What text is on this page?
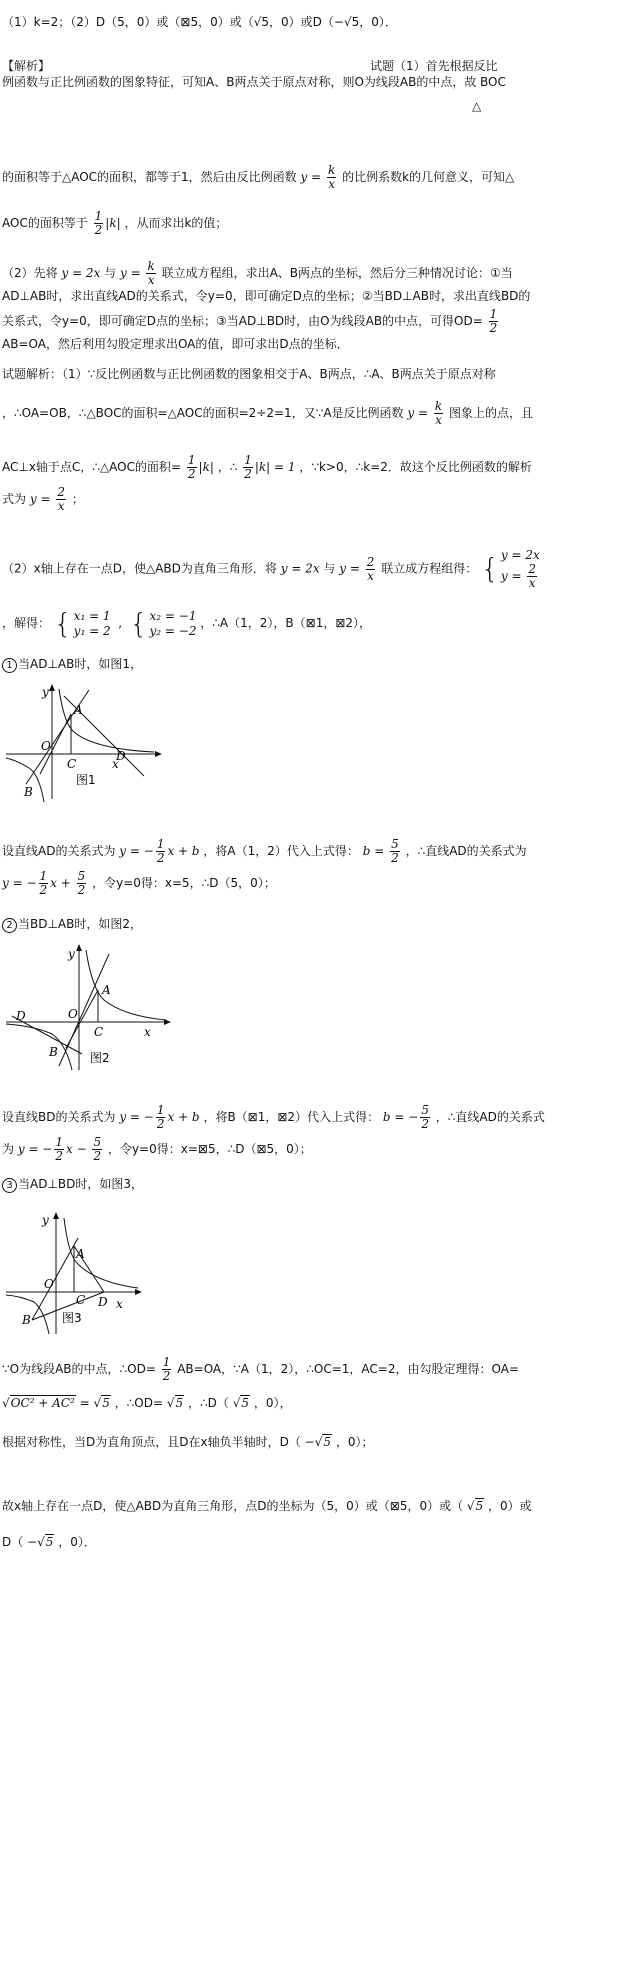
（1）k=2；（2）D（5，0）或（⊠5，0）或（√5，0）或D（−√5，0）．
【解析】	试题（1）首先根据反比
例函数与正比例函数的图象特征，可知A、B两点关于原点对称，则O为线段AB的中点，故 BOC
△
的面积等于△AOC的面积，都等于1，然后由反比例函数 $y = \frac{k}{x}$ 的比例系数k的几何意义，可知△
AOC的面积等于 $\frac{1}{2} |k|$ ，从而求出k的值；
（2）先将 y = 2x 与 $y = \frac{k}{x}$ 联立成方程组，求出A、B两点的坐标，然后分三种情况讨论：①当
AD⊥AB时，求出直线AD的关系式，令y=0，即可确定D点的坐标；②当BD⊥AB时，求出直线BD的
关系式，令y=0，即可确定D点的坐标；③当AD⊥BD时，由O为线段AB的中点，可得$OD= \frac{1}{2}$
AB=OA，然后利用勾股定理求出OA的值，即可求出D点的坐标．
试题解析：（1）∵反比例函数与正比例函数的图象相交于A、B两点，∴A、B两点关于原点对称
，∴OA=OB，∴△BOC的面积=△AOC的面积=2÷2=1，又∵A是反比例函数 $y = \frac{k}{x}$ 图象上的点，且
AC⊥x轴于点C，∴△AOC的面积= $\frac{1}{2} |k|$ ，∴ $\frac{1}{2} |k| = 1$ ，∵k>0，∴k=2．故这个反比例函数的解析
式为 $y = \frac{2}{x}$ ；
（2）x轴上存在一点D，使△ABD为直角三角形．将 y = 2x 与 $y = \frac{2}{x}$ 联立成方程组得： { y = 2x
$y = \frac{2}{x}$
，解得： { x₁ = 1
y₁ = 2
,  { x₂ = −1
y₂ = −2
，∴A（1，2），B（⊠1，⊠2），
1 当AD⊥AB时，如图1，
y
x
O
A
C
D
B
图1
设直线AD的关系式为 y = − $\frac{1}{2}$ x + b ，将A（1，2）代入上式得： $b = \frac{5}{2}$ ，∴直线AD的关系式为
y = − $\frac{1}{2}$ $x + \frac{5}{2}$ ，令y=0得：x=5，∴D（5，0）；
2 当BD⊥AB时，如图2，
y
x
O
A
C
D
B	图2
设直线BD的关系式为 y = − $\frac{1}{2}$ x + b ，将B（⊠1，⊠2）代入上式得： b = − $\frac{5}{2}$ ，∴直线AD的关系式
为 y = − $\frac{1}{2}$ $x - \frac{5}{2}$ ，令y=0得：x=⊠5，∴D（⊠5，0）；
3 当AD⊥BD时，如图3，
y
x
O
A
C D
B	图3
∵O为线段AB的中点，∴OD= $\frac{1}{2} AB=OA$，∵A（1，2），∴OC=1，AC=2，由勾股定理得：OA=
√OC² + AC² = √5 ，∴OD= √5 ，∴D（ √5 ，0），
根据对称性，当D为直角顶点，且D在x轴负半轴时，D（ −√5 ，0）；
故x轴上存在一点D，使△ABD为直角三角形，点D的坐标为（5，0）或（⊠5，0）或（ √5 ，0）或
D（ −√5 ，0）．
